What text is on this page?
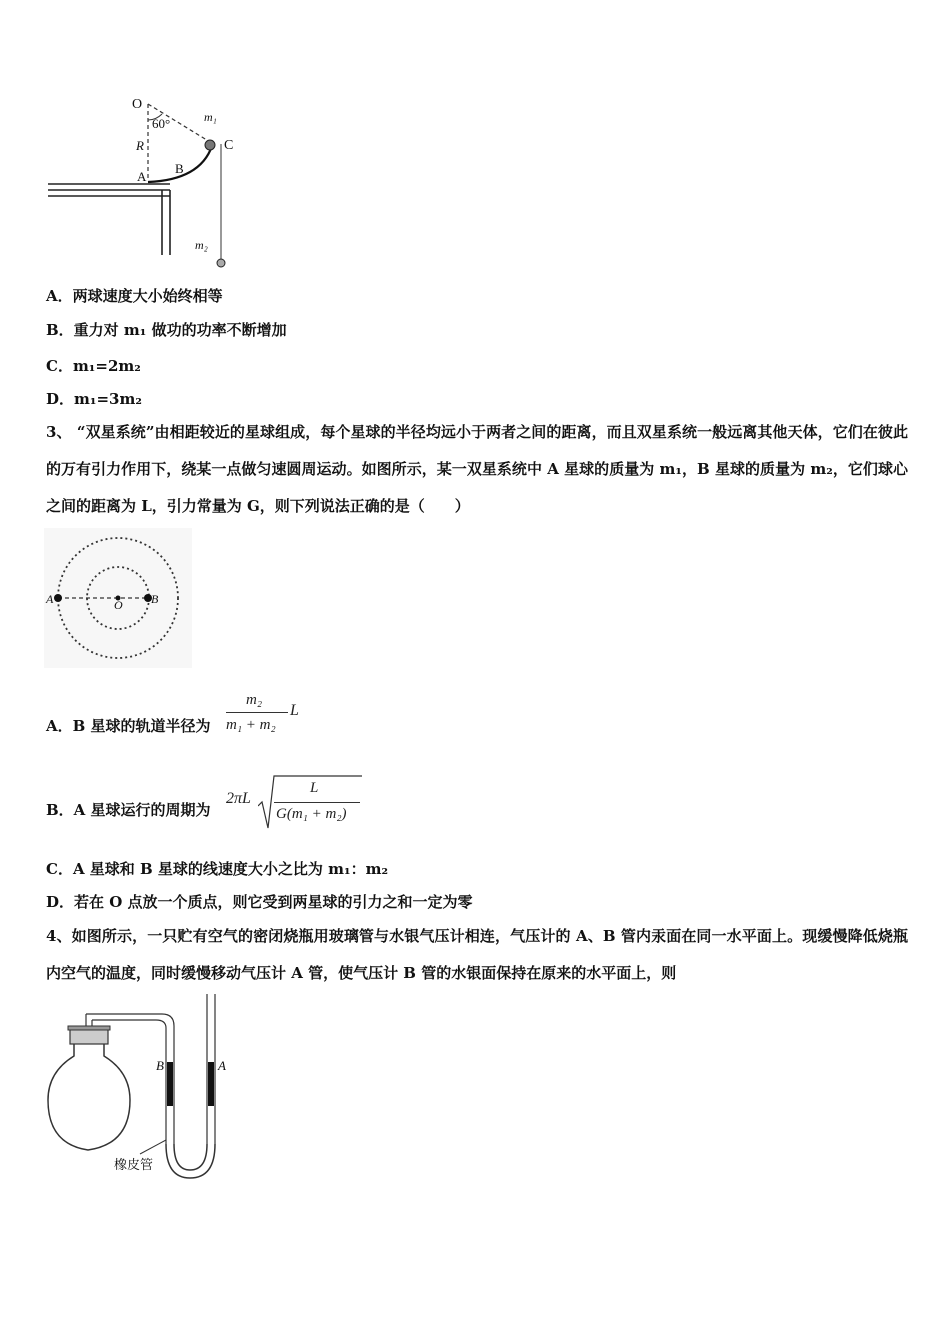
O
60°	m₁
C
R
A
B
m₂
A．两球速度大小始终相等
B．重力对 m₁ 做功的功率不断增加
C．m₁=2m₂
D．m₁=3m₂
3、 “双星系统”由相距较近的星球组成，每个星球的半径均远小于两者之间的距离，而且双星系统一般远离其他天体，它们在彼此的万有引力作用下，绕某一点做匀速圆周运动。如图所示，某一双星系统中 A 星球的质量为 m₁，B 星球的质量为 m₂，它们球心之间的距离为 L，引力常量为 G，则下列说法正确的是（　　）
A	O B
A．B 星球的轨道半径为
m₂
m₁ + m₂
L
B．A 星球运行的周期为
2πL
L
G(m₁ + m₂)
C．A 星球和 B 星球的线速度大小之比为 m₁：m₂
D．若在 O 点放一个质点，则它受到两星球的引力之和一定为零
4、如图所示，一只贮有空气的密闭烧瓶用玻璃管与水银气压计相连，气压计的 A、B 管内汞面在同一水平面上。现缓慢降低烧瓶内空气的温度，同时缓慢移动气压计 A 管，使气压计 B 管的水银面保持在原来的水平面上，则
B	A
橡皮管
